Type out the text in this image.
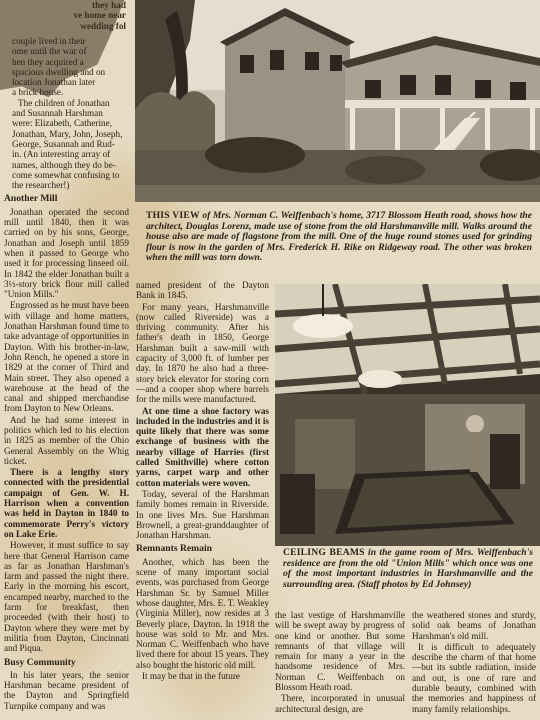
they had
ve home near
wedding fol
couple lived in their
ome until the war of
hen they acquired a
spacious dwelling and on
location Jonathan later
a brick house.
The children of Jonathan
and Susannah Harshman
were: Elizabeth, Catherine,
Jonathan, Mary, John, Joseph,
George, Susannah and Rud-
in. (An interesting array of
names, although they do be-
come somewhat confusing to
the researcher!)
Another Mill

Jonathan operated the second mill until 1840, then it was carried on by his sons, George, Jonathan and Joseph until 1859 when it passed to George who used it for processing linseed oil. In 1842 the elder Jonathan built a 3½-story brick flour mill called "Union Mills."

Engrossed as he must have been with village and home matters, Jonathan Harshman found time to take advantage of opportunities in Dayton. With his brother-in-law, John Rench, he opened a store in 1829 at the corner of Third and Main street. They also opened a warehouse at the head of the canal and shipped merchandise from Dayton to New Orleans.

And he had some interest in politics which led to his election in 1825 as member of the Ohio General Assembly on the Whig ticket.

There is a lengthy story connected with the presidential campaign of Gen. W. H. Harrison when a convention was held in Dayton in 1840 to commemorate Perry's victory on Lake Erie.

However, it must suffice to say here that General Harrison came as far as Jonathan Harshman's farm and passed the night there. Early in the morning his escort, encamped nearby, marched to the farm for breakfast, then proceeded (with their host) to Dayton where they were met by militia from Dayton, Cincinnati and Piqua.

Busy Community

In his later years, the senior Harshman became president of the Dayton and Springfield Turnpike company and was

THIS VIEW of Mrs. Norman C. Weiffenbach's home, 3717 Blossom Heath road, shows how the architect, Douglas Lorenz, made use of stone from the old Harshmanville mill. Walks around the house also are made of flagstone from the mill. One of the huge round stones used for grinding flour is now in the garden of Mrs. Frederick H. Rike on Ridgeway road. The other was broken when the mill was torn down.

named president of the Dayton Bank in 1845.

For many years, Harshmanville (now called Riverside) was a thriving community. After his father's death in 1850, George Harshman built a saw-mill with capacity of 3,000 ft. of lumber per day. In 1870 he also had a three-story brick elevator for storing corn—and a cooper shop where barrels for the mills were manufactured.

At one time a shoe factory was included in the industries and it is quite likely that there was some exchange of business with the nearby village of Harries (first called Smithville) where cotton yarns, carpet warp and other cotton materials were woven.

Today, several of the Harshman family homes remain in Riverside. In one lives Mrs. Sue Harshman Brownell, a great-granddaughter of Jonathan Harshman.

Remnants Remain

Another, which has been the scene of many important social events, was purchased from George Harshman Sr. by Samuel Miller whose daughter, Mrs. E. T. Weakley (Virginia Miller), now resides at 3 Beverly place, Dayton. In 1918 the house was sold to Mr. and Mrs. Norman C. Weiffenbach who have lived there for about 15 years. They also bought the historic old mill.

It may be that in the future

CEILING BEAMS in the game room of Mrs. Weiffenbach's residence are from the old "Union Mills" which once was one of the most important industries in Harshmanville and the surrounding area. (Staff photos by Ed Johnsey)

the last vestige of Harshmanville will be swept away by progress of one kind or another. But some remnants of that village will remain for many a year in the handsome residence of Mrs. Norman C. Weiffenbach on Blossom Heath road.

There, incorporated in unusual architectural design, are

the weathered stones and sturdy, solid oak beams of Jonathan Harshman's old mill.

It is difficult to adequately describe the charm of that home—but its subtle radiation, inside and out, is one of rare and durable beauty, combined with the memories and happiness of many family relationships.
